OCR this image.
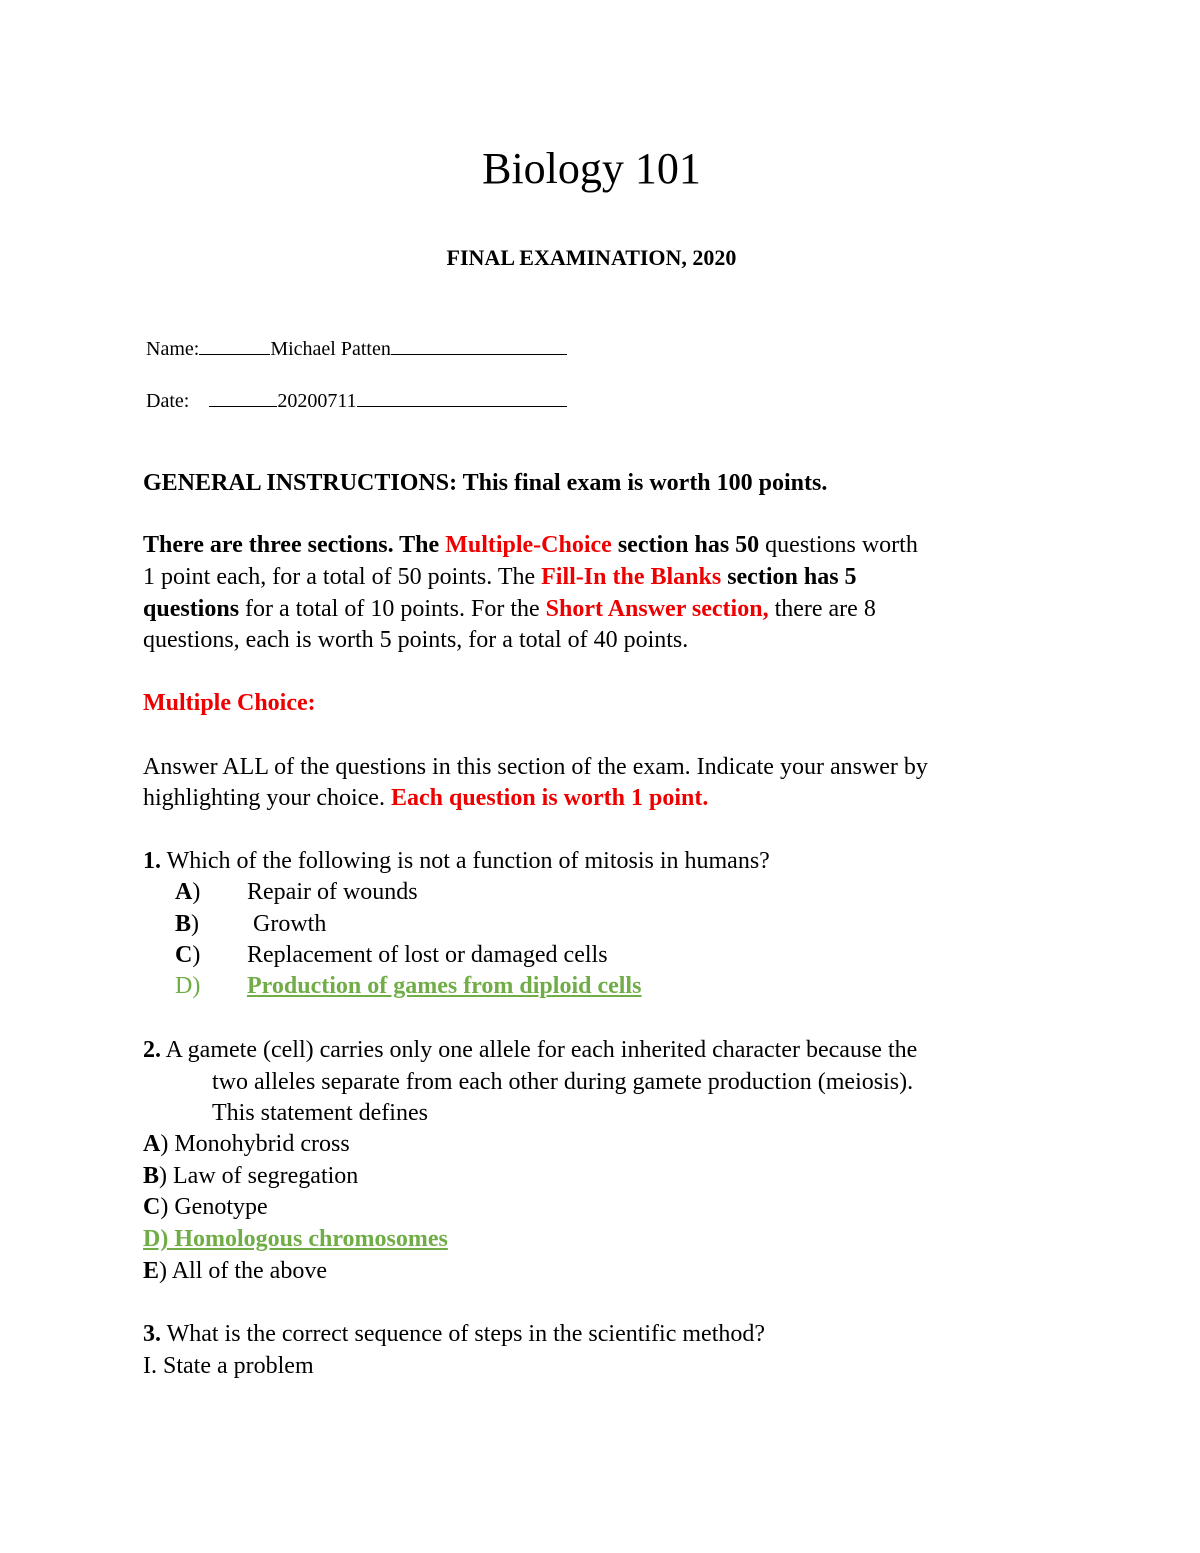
Biology 101
FINAL EXAMINATION, 2020
Name:	Michael Patten
Date:	20200711
GENERAL INSTRUCTIONS: This final exam is worth 100 points.
There are three sections. The Multiple-Choice section has 50 questions worth
1 point each, for a total of 50 points. The Fill-In the Blanks section has 5
questions for a total of 10 points. For the Short Answer section, there are 8
questions, each is worth 5 points, for a total of 40 points.
Multiple Choice:
Answer ALL of the questions in this section of the exam. Indicate your answer by
highlighting your choice. Each question is worth 1 point.
1. Which of the following is not a function of mitosis in humans?
A) Repair of wounds
B) Growth
C) Replacement of lost or damaged cells
D) Production of games from diploid cells
2. A gamete (cell) carries only one allele for each inherited character because the
two alleles separate from each other during gamete production (meiosis).
This statement defines
A) Monohybrid cross
B) Law of segregation
C) Genotype
D) Homologous chromosomes
E) All of the above
3. What is the correct sequence of steps in the scientific method?
I. State a problem
